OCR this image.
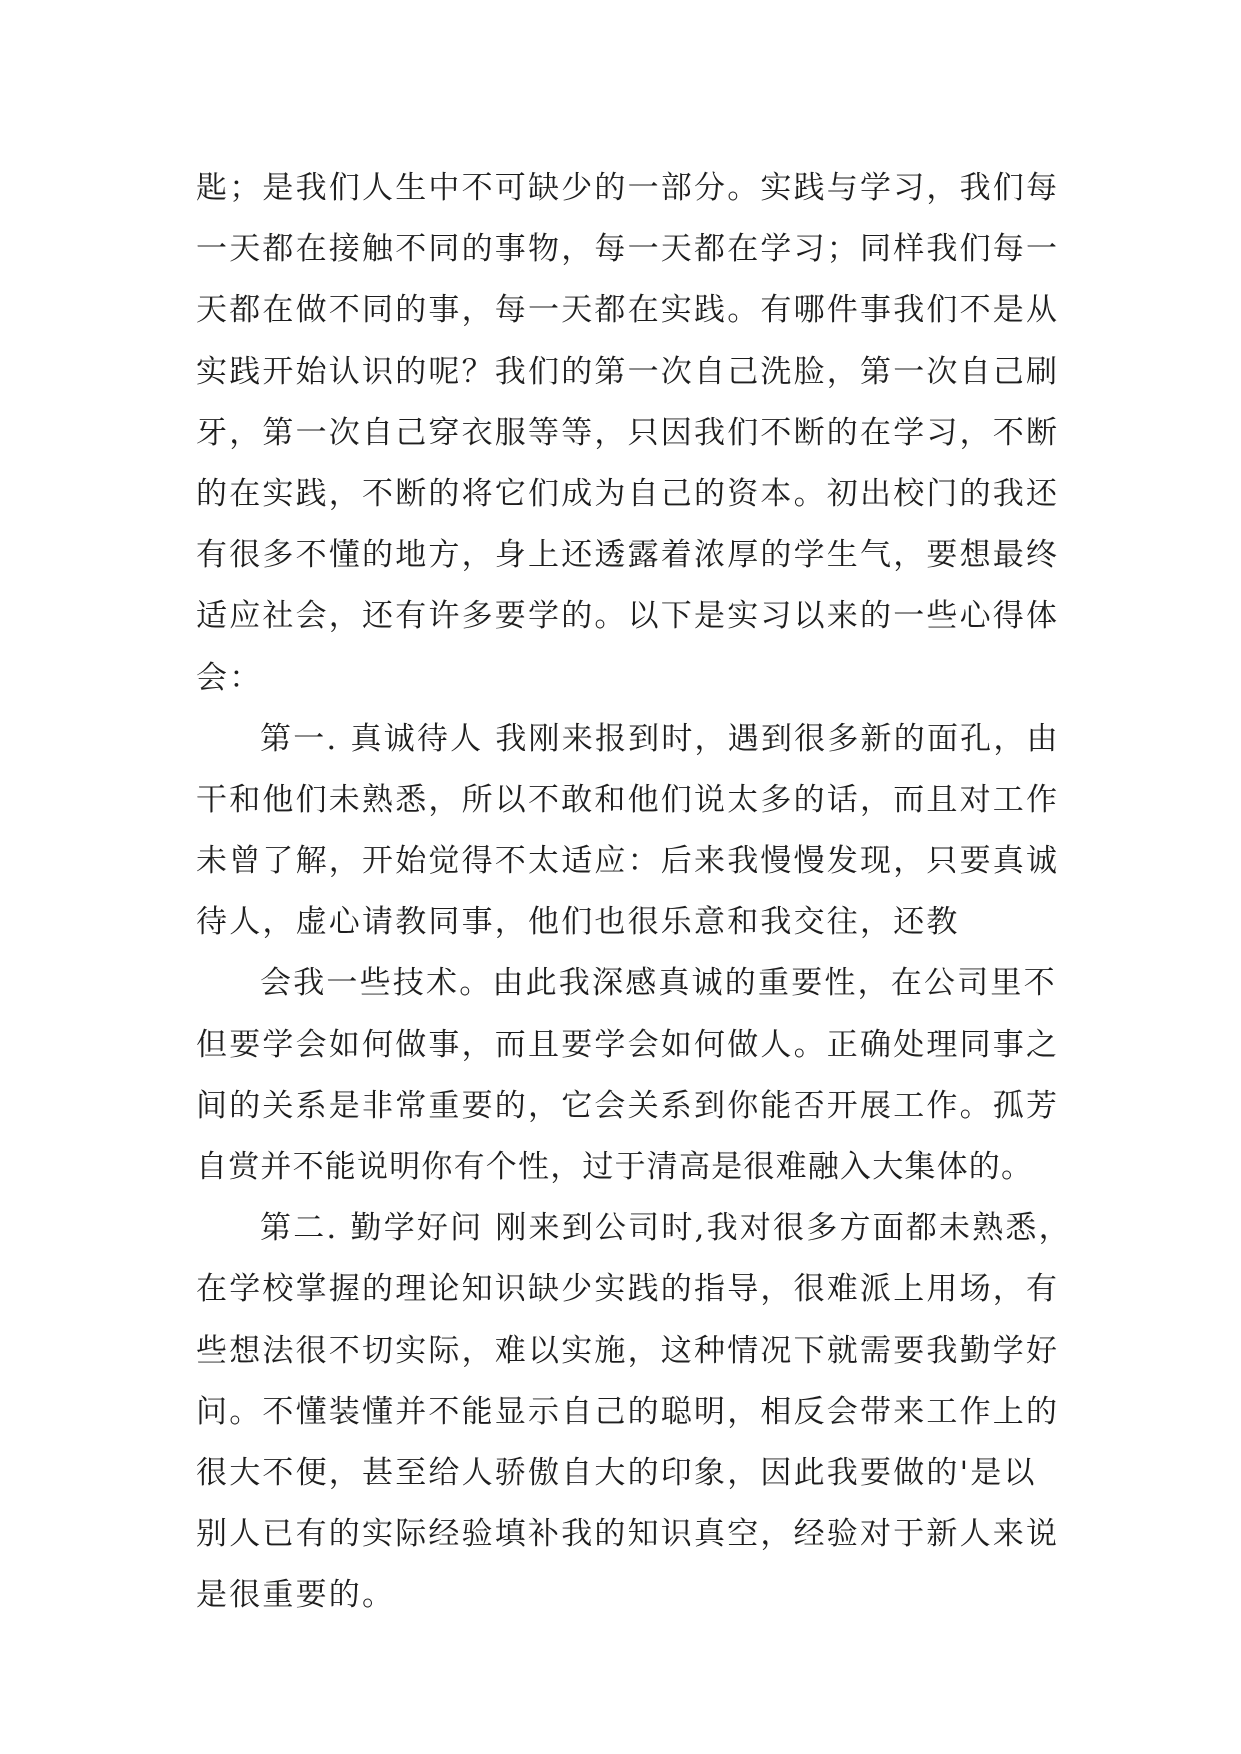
匙；是我们人生中不可缺少的一部分。实践与学习，我们每
一天都在接触不同的事物，每一天都在学习；同样我们每一
天都在做不同的事，每一天都在实践。有哪件事我们不是从
实践开始认识的呢？我们的第一次自己洗脸，第一次自己刷
牙，第一次自己穿衣服等等，只因我们不断的在学习，不断
的在实践，不断的将它们成为自己的资本。初出校门的我还
有很多不懂的地方，身上还透露着浓厚的学生气，要想最终
适应社会，还有许多要学的。以下是实习以来的一些心得体
会：
第一. 真诚待人 我刚来报到时，遇到很多新的面孔，由
干和他们未熟悉，所以不敢和他们说太多的话，而且对工作
未曾了解，开始觉得不太适应：后来我慢慢发现，只要真诚
待人，虚心请教同事，他们也很乐意和我交往，还教
会我一些技术。由此我深感真诚的重要性，在公司里不
但要学会如何做事，而且要学会如何做人。正确处理同事之
间的关系是非常重要的，它会关系到你能否开展工作。孤芳
自赏并不能说明你有个性，过于清高是很难融入大集体的。
第二. 勤学好问 刚来到公司时,我对很多方面都未熟悉，
在学校掌握的理论知识缺少实践的指导，很难派上用场，有
些想法很不切实际，难以实施，这种情况下就需要我勤学好
问。不懂装懂并不能显示自己的聪明，相反会带来工作上的
很大不便，甚至给人骄傲自大的印象，因此我要做的'是以
别人已有的实际经验填补我的知识真空，经验对于新人来说
是很重要的。
